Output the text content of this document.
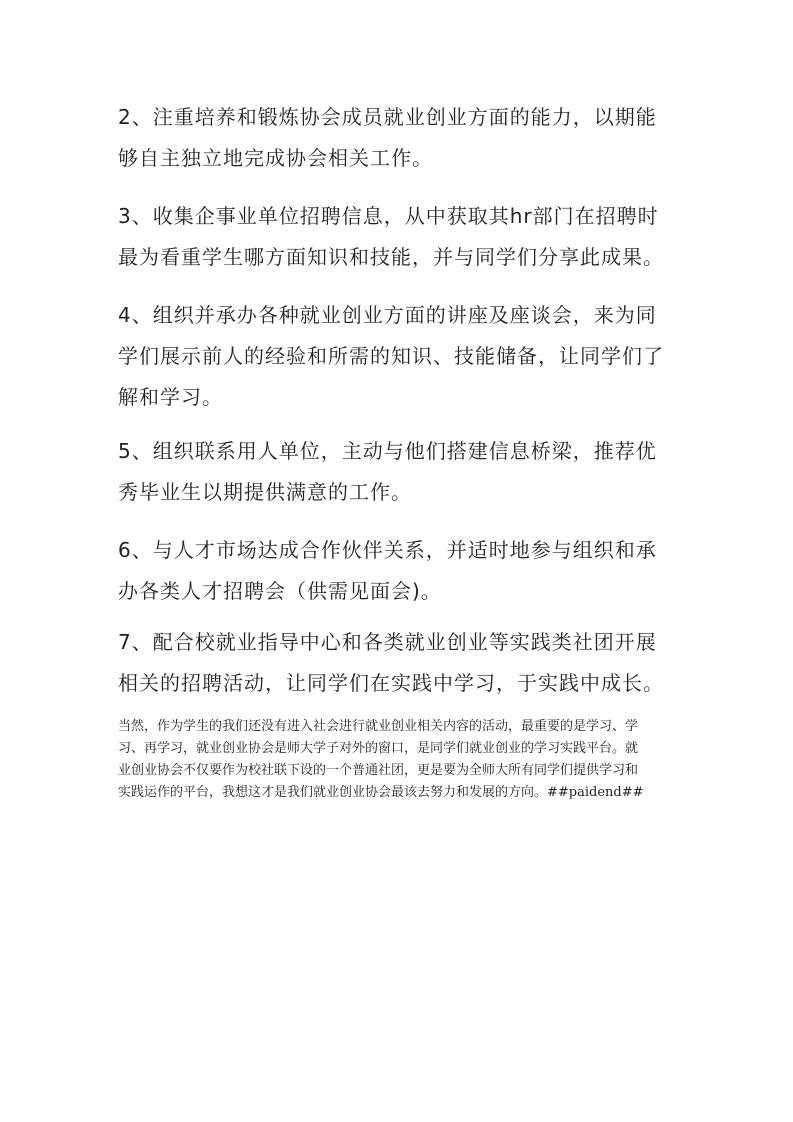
2、注重培养和锻炼协会成员就业创业方面的能力，以期能
够自主独立地完成协会相关工作。

3、收集企事业单位招聘信息，从中获取其hr部门在招聘时
最为看重学生哪方面知识和技能，并与同学们分享此成果。

4、组织并承办各种就业创业方面的讲座及座谈会，来为同
学们展示前人的经验和所需的知识、技能储备，让同学们了
解和学习。

5、组织联系用人单位，主动与他们搭建信息桥梁，推荐优
秀毕业生以期提供满意的工作。

6、与人才市场达成合作伙伴关系，并适时地参与组织和承
办各类人才招聘会（供需见面会)。

7、配合校就业指导中心和各类就业创业等实践类社团开展
相关的招聘活动，让同学们在实践中学习，于实践中成长。

当然，作为学生的我们还没有进入社会进行就业创业相关内容的活动，最重要的是学习、学
习、再学习，就业创业协会是师大学子对外的窗口，是同学们就业创业的学习实践平台。就
业创业协会不仅要作为校社联下设的一个普通社团，更是要为全师大所有同学们提供学习和
实践运作的平台，我想这才是我们就业创业协会最该去努力和发展的方向。##paidend##
